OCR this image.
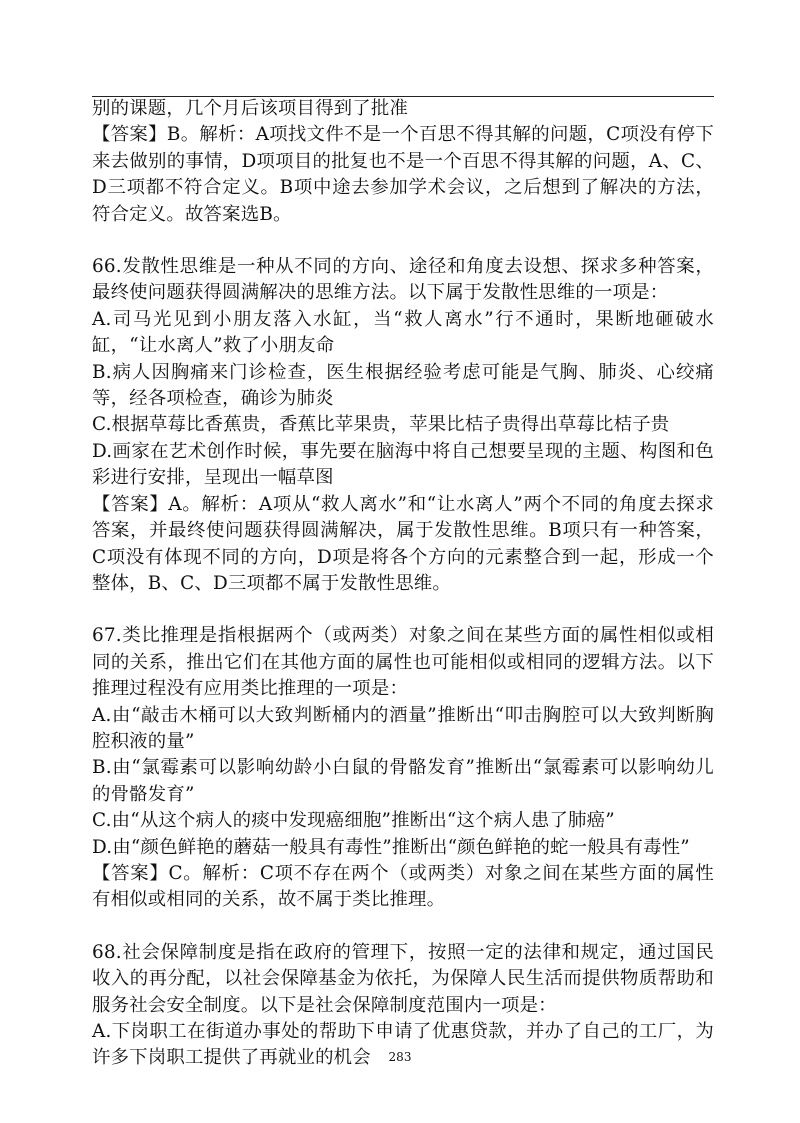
别的课题，几个月后该项目得到了批准

【答案】B。解析：A项找文件不是一个百思不得其解的问题，C项没有停下来去做别的事情，D项项目的批复也不是一个百思不得其解的问题，A、C、D三项都不符合定义。B项中途去参加学术会议，之后想到了解决的方法，符合定义。故答案选B。

66.发散性思维是一种从不同的方向、途径和角度去设想、探求多种答案，最终使问题获得圆满解决的思维方法。以下属于发散性思维的一项是：

A.司马光见到小朋友落入水缸，当“救人离水”行不通时，果断地砸破水缸，“让水离人”救了小朋友命

B.病人因胸痛来门诊检查，医生根据经验考虑可能是气胸、肺炎、心绞痛等，经各项检查，确诊为肺炎

C.根据草莓比香蕉贵，香蕉比苹果贵，苹果比桔子贵得出草莓比桔子贵

D.画家在艺术创作时候，事先要在脑海中将自己想要呈现的主题、构图和色彩进行安排，呈现出一幅草图

【答案】A。解析：A项从“救人离水”和“让水离人”两个不同的角度去探求答案，并最终使问题获得圆满解决，属于发散性思维。B项只有一种答案，C项没有体现不同的方向，D项是将各个方向的元素整合到一起，形成一个整体，B、C、D三项都不属于发散性思维。

67.类比推理是指根据两个（或两类）对象之间在某些方面的属性相似或相同的关系，推出它们在其他方面的属性也可能相似或相同的逻辑方法。以下推理过程没有应用类比推理的一项是：

A.由“敲击木桶可以大致判断桶内的酒量”推断出“叩击胸腔可以大致判断胸腔积液的量”

B.由“氯霉素可以影响幼龄小白鼠的骨骼发育”推断出“氯霉素可以影响幼儿的骨骼发育”

C.由“从这个病人的痰中发现癌细胞”推断出“这个病人患了肺癌”

D.由“颜色鲜艳的蘑菇一般具有毒性”推断出“颜色鲜艳的蛇一般具有毒性”

【答案】C。解析：C项不存在两个（或两类）对象之间在某些方面的属性有相似或相同的关系，故不属于类比推理。

68.社会保障制度是指在政府的管理下，按照一定的法律和规定，通过国民收入的再分配，以社会保障基金为依托，为保障人民生活而提供物质帮助和服务社会安全制度。以下是社会保障制度范围内一项是：

A.下岗职工在街道办事处的帮助下申请了优惠贷款，并办了自己的工厂，为许多下岗职工提供了再就业的机会	283
